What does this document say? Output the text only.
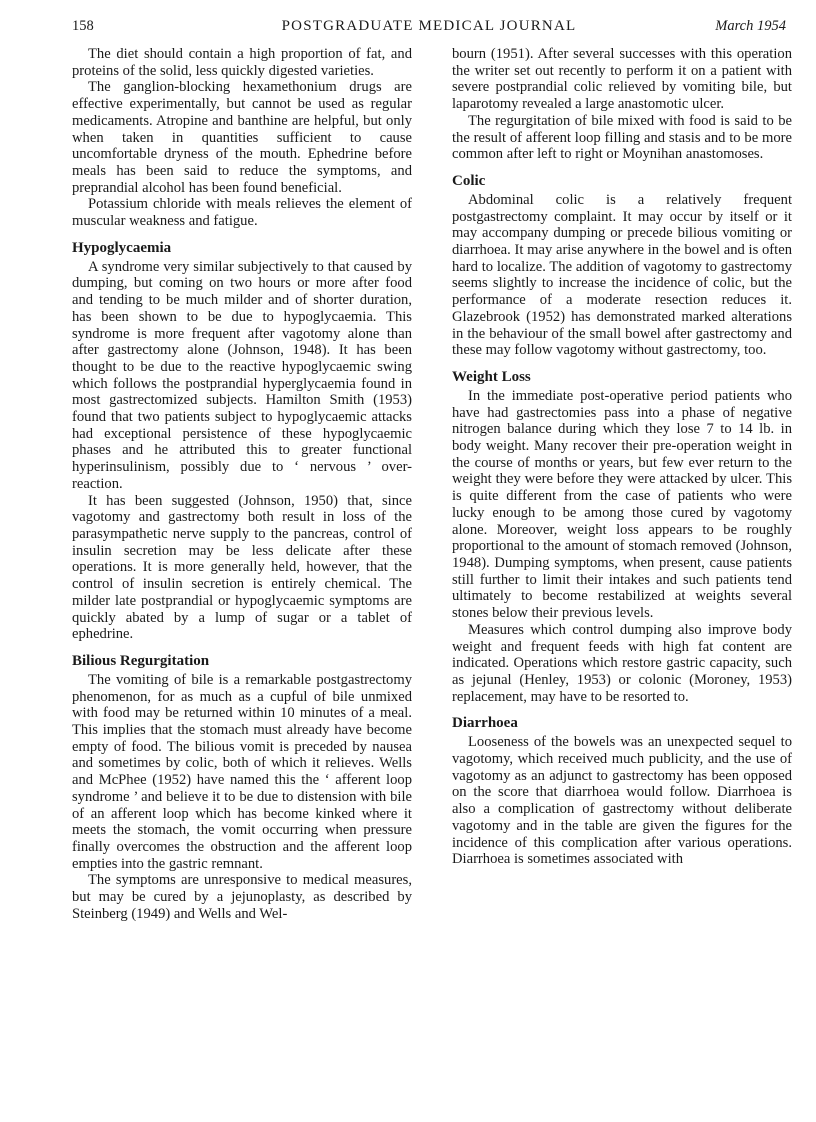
158	POSTGRADUATE MEDICAL JOURNAL	March 1954

The diet should contain a high proportion of fat, and proteins of the solid, less quickly digested varieties.

The ganglion-blocking hexamethonium drugs are effective experimentally, but cannot be used as regular medicaments. Atropine and banthine are helpful, but only when taken in quantities sufficient to cause uncomfortable dryness of the mouth. Ephedrine before meals has been said to reduce the symptoms, and preprandial alcohol has been found beneficial.

Potassium chloride with meals relieves the element of muscular weakness and fatigue.

Hypoglycaemia

A syndrome very similar subjectively to that caused by dumping, but coming on two hours or more after food and tending to be much milder and of shorter duration, has been shown to be due to hypoglycaemia. This syndrome is more frequent after vagotomy alone than after gastrectomy alone (Johnson, 1948). It has been thought to be due to the reactive hypoglycaemic swing which follows the postprandial hyperglycaemia found in most gastrectomized subjects. Hamilton Smith (1953) found that two patients subject to hypoglycaemic attacks had exceptional persistence of these hypoglycaemic phases and he attributed this to greater functional hyperinsulinism, possibly due to ‘ nervous ’ over-reaction.

It has been suggested (Johnson, 1950) that, since vagotomy and gastrectomy both result in loss of the parasympathetic nerve supply to the pancreas, control of insulin secretion may be less delicate after these operations. It is more generally held, however, that the control of insulin secretion is entirely chemical. The milder late postprandial or hypoglycaemic symptoms are quickly abated by a lump of sugar or a tablet of ephedrine.

Bilious Regurgitation

The vomiting of bile is a remarkable postgastrectomy phenomenon, for as much as a cupful of bile unmixed with food may be returned within 10 minutes of a meal. This implies that the stomach must already have become empty of food. The bilious vomit is preceded by nausea and sometimes by colic, both of which it relieves. Wells and McPhee (1952) have named this the ‘ afferent loop syndrome ’ and believe it to be due to distension with bile of an afferent loop which has become kinked where it meets the stomach, the vomit occurring when pressure finally overcomes the obstruction and the afferent loop empties into the gastric remnant.

The symptoms are unresponsive to medical measures, but may be cured by a jejunoplasty, as described by Steinberg (1949) and Wells and Wel-

bourn (1951). After several successes with this operation the writer set out recently to perform it on a patient with severe postprandial colic relieved by vomiting bile, but laparotomy revealed a large anastomotic ulcer.

The regurgitation of bile mixed with food is said to be the result of afferent loop filling and stasis and to be more common after left to right or Moynihan anastomoses.

Colic

Abdominal colic is a relatively frequent postgastrectomy complaint. It may occur by itself or it may accompany dumping or precede bilious vomiting or diarrhoea. It may arise anywhere in the bowel and is often hard to localize. The addition of vagotomy to gastrectomy seems slightly to increase the incidence of colic, but the performance of a moderate resection reduces it. Glazebrook (1952) has demonstrated marked alterations in the behaviour of the small bowel after gastrectomy and these may follow vagotomy without gastrectomy, too.

Weight Loss

In the immediate post-operative period patients who have had gastrectomies pass into a phase of negative nitrogen balance during which they lose 7 to 14 lb. in body weight. Many recover their pre-operation weight in the course of months or years, but few ever return to the weight they were before they were attacked by ulcer. This is quite different from the case of patients who were lucky enough to be among those cured by vagotomy alone. Moreover, weight loss appears to be roughly proportional to the amount of stomach removed (Johnson, 1948). Dumping symptoms, when present, cause patients still further to limit their intakes and such patients tend ultimately to become restabilized at weights several stones below their previous levels.

Measures which control dumping also improve body weight and frequent feeds with high fat content are indicated. Operations which restore gastric capacity, such as jejunal (Henley, 1953) or colonic (Moroney, 1953) replacement, may have to be resorted to.

Diarrhoea

Looseness of the bowels was an unexpected sequel to vagotomy, which received much publicity, and the use of vagotomy as an adjunct to gastrectomy has been opposed on the score that diarrhoea would follow. Diarrhoea is also a complication of gastrectomy without deliberate vagotomy and in the table are given the figures for the incidence of this complication after various operations. Diarrhoea is sometimes associated with
